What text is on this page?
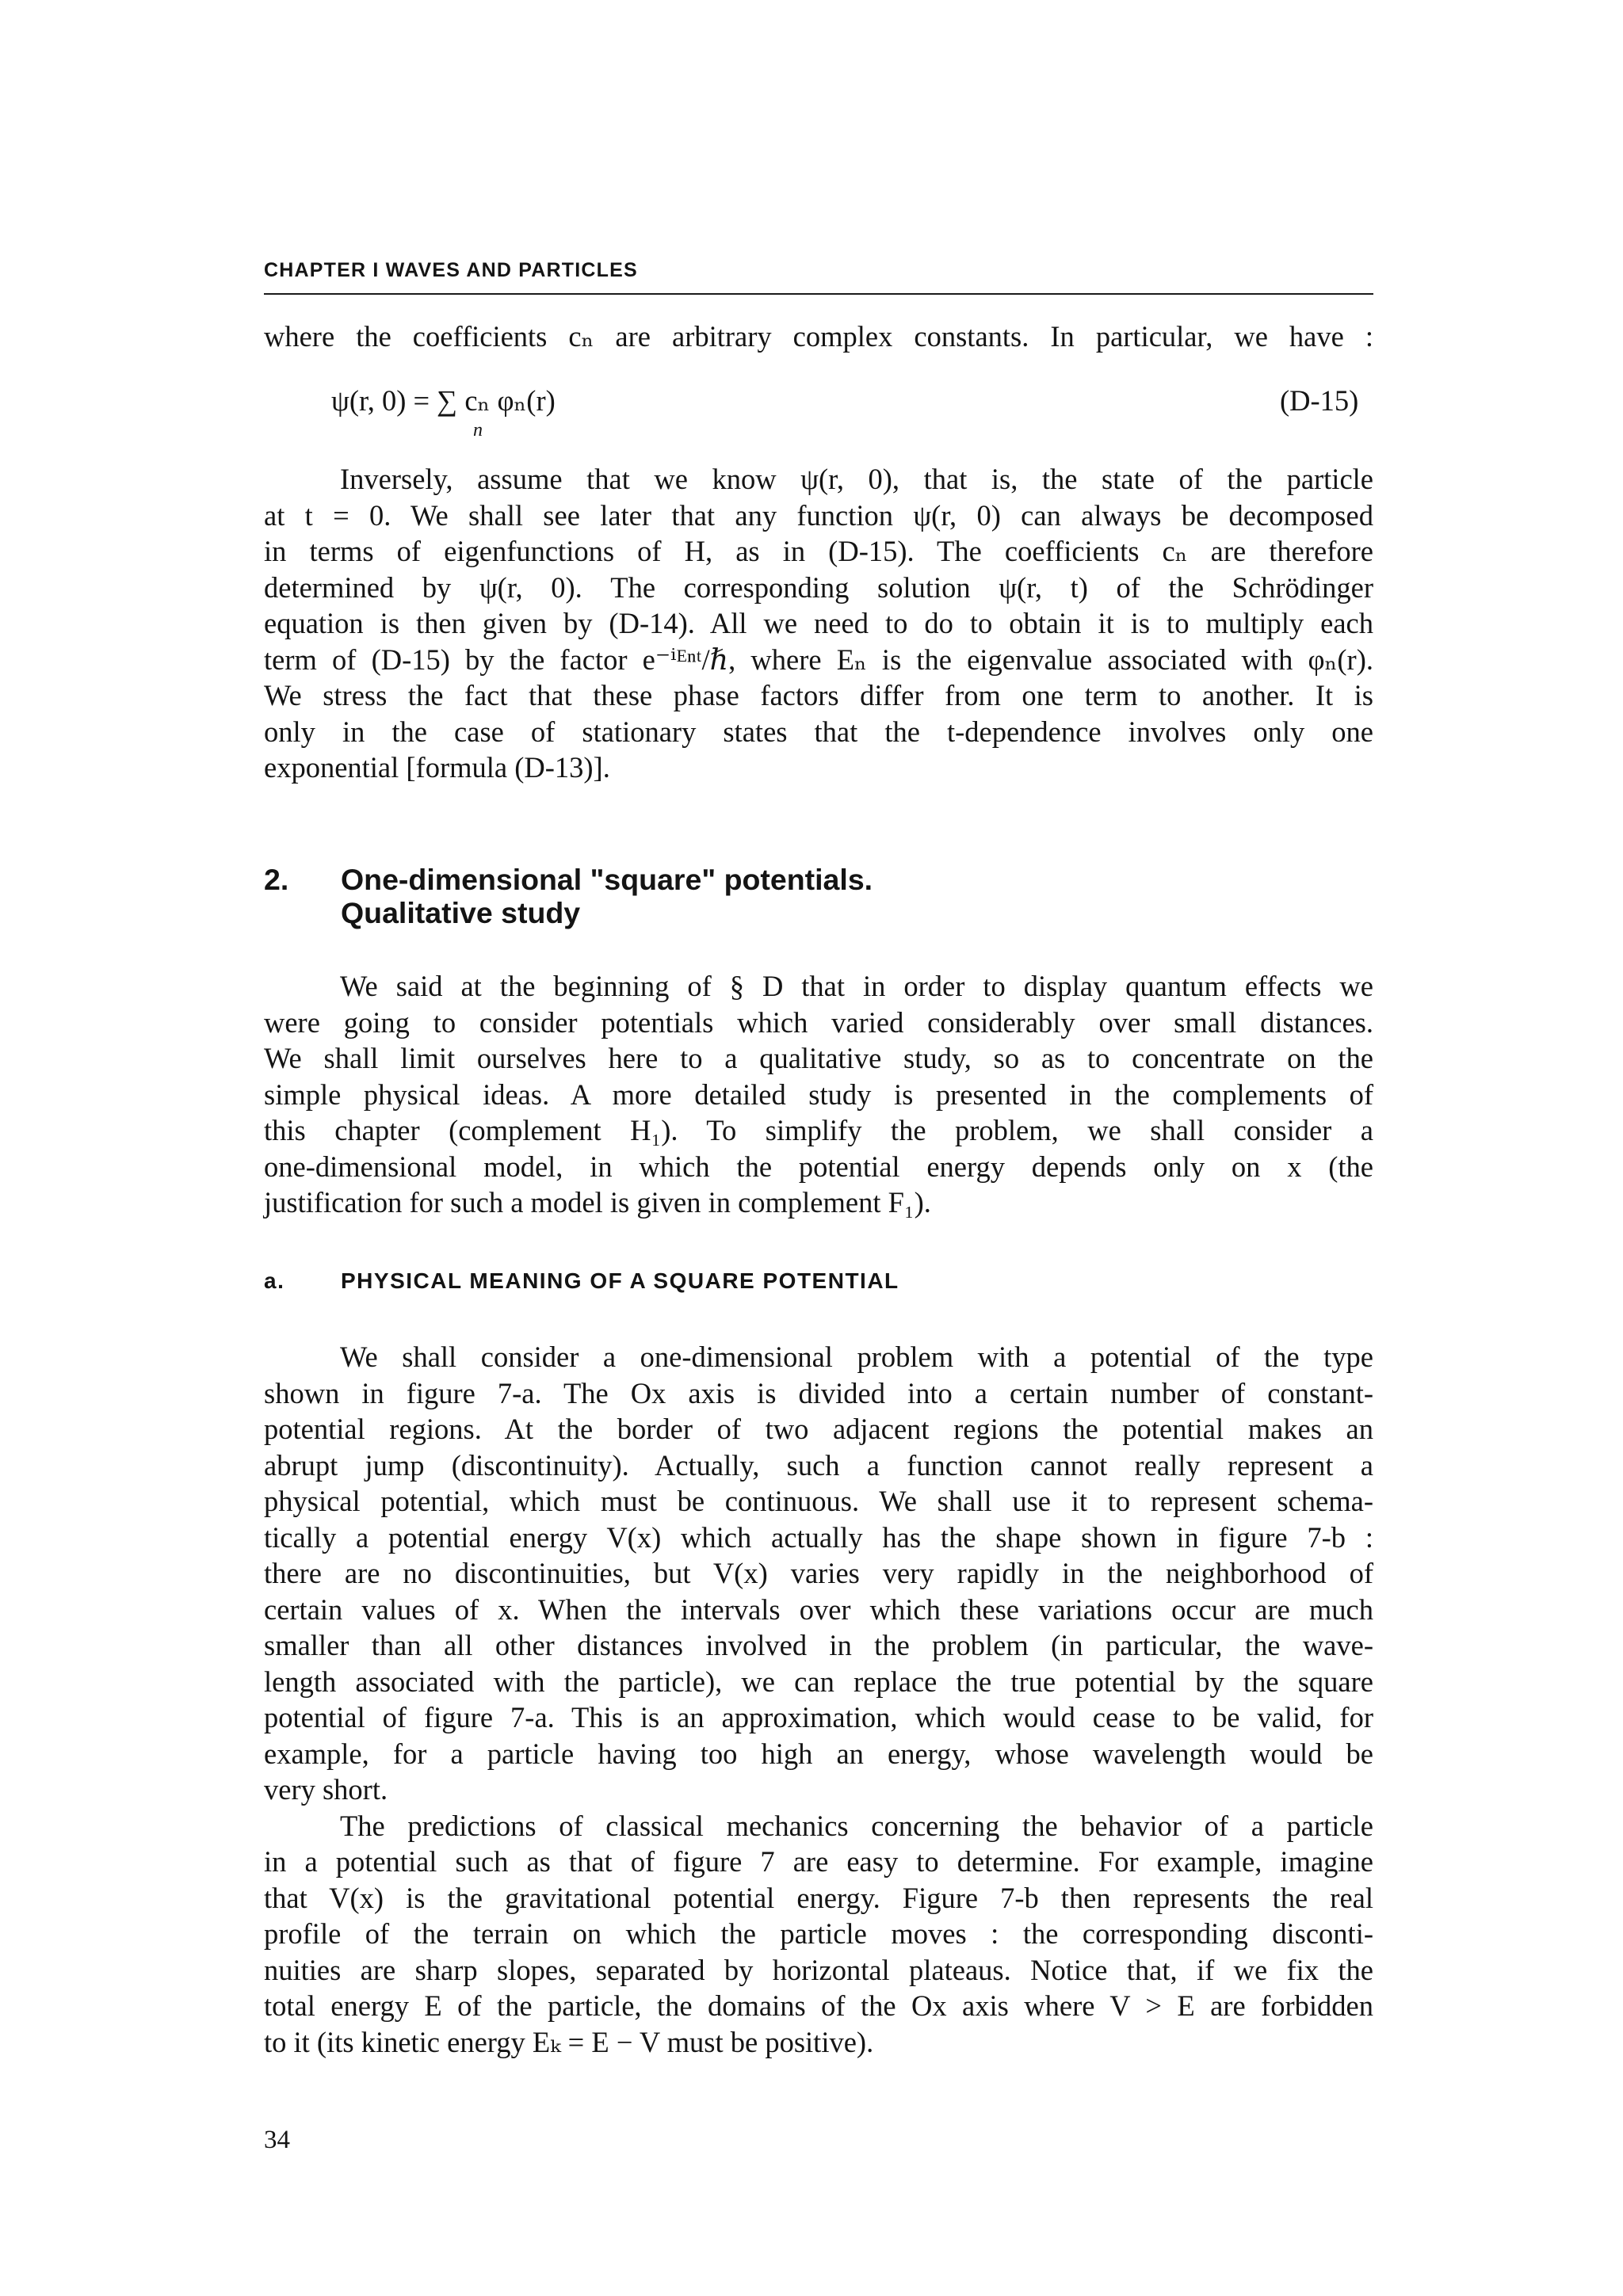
CHAPTER I WAVES AND PARTICLES
where the coefficients cₙ are arbitrary complex constants. In particular, we have :
ψ(r, 0) = ∑ cₙ φₙ(r)
n
(D-15)
Inversely, assume that we know ψ(r, 0), that is, the state of the particle
at t = 0. We shall see later that any function ψ(r, 0) can always be decomposed
in terms of eigenfunctions of H, as in (D-15). The coefficients cₙ are therefore
determined by ψ(r, 0). The corresponding solution ψ(r, t) of the Schrödinger
equation is then given by (D-14). All we need to do to obtain it is to multiply each
term of (D-15) by the factor e⁻ⁱᴱⁿᵗ/ℏ, where Eₙ is the eigenvalue associated with φₙ(r).
We stress the fact that these phase factors differ from one term to another. It is
only in the case of stationary states that the t-dependence involves only one
exponential [formula (D-13)].
2. One-dimensional "square" potentials.
Qualitative study
We said at the beginning of § D that in order to display quantum effects we
were going to consider potentials which varied considerably over small distances.
We shall limit ourselves here to a qualitative study, so as to concentrate on the
simple physical ideas. A more detailed study is presented in the complements of
this chapter (complement H₁). To simplify the problem, we shall consider a
one-dimensional model, in which the potential energy depends only on x (the
justification for such a model is given in complement F₁).
a.	PHYSICAL MEANING OF A SQUARE POTENTIAL
We shall consider a one-dimensional problem with a potential of the type
shown in figure 7-a. The Ox axis is divided into a certain number of constant-
potential regions. At the border of two adjacent regions the potential makes an
abrupt jump (discontinuity). Actually, such a function cannot really represent a
physical potential, which must be continuous. We shall use it to represent schema-
tically a potential energy V(x) which actually has the shape shown in figure 7-b :
there are no discontinuities, but V(x) varies very rapidly in the neighborhood of
certain values of x. When the intervals over which these variations occur are much
smaller than all other distances involved in the problem (in particular, the wave-
length associated with the particle), we can replace the true potential by the square
potential of figure 7-a. This is an approximation, which would cease to be valid, for
example, for a particle having too high an energy, whose wavelength would be
very short.
The predictions of classical mechanics concerning the behavior of a particle
in a potential such as that of figure 7 are easy to determine. For example, imagine
that V(x) is the gravitational potential energy. Figure 7-b then represents the real
profile of the terrain on which the particle moves : the corresponding disconti-
nuities are sharp slopes, separated by horizontal plateaus. Notice that, if we fix the
total energy E of the particle, the domains of the Ox axis where V > E are forbidden
to it (its kinetic energy Eₖ = E − V must be positive).
34
